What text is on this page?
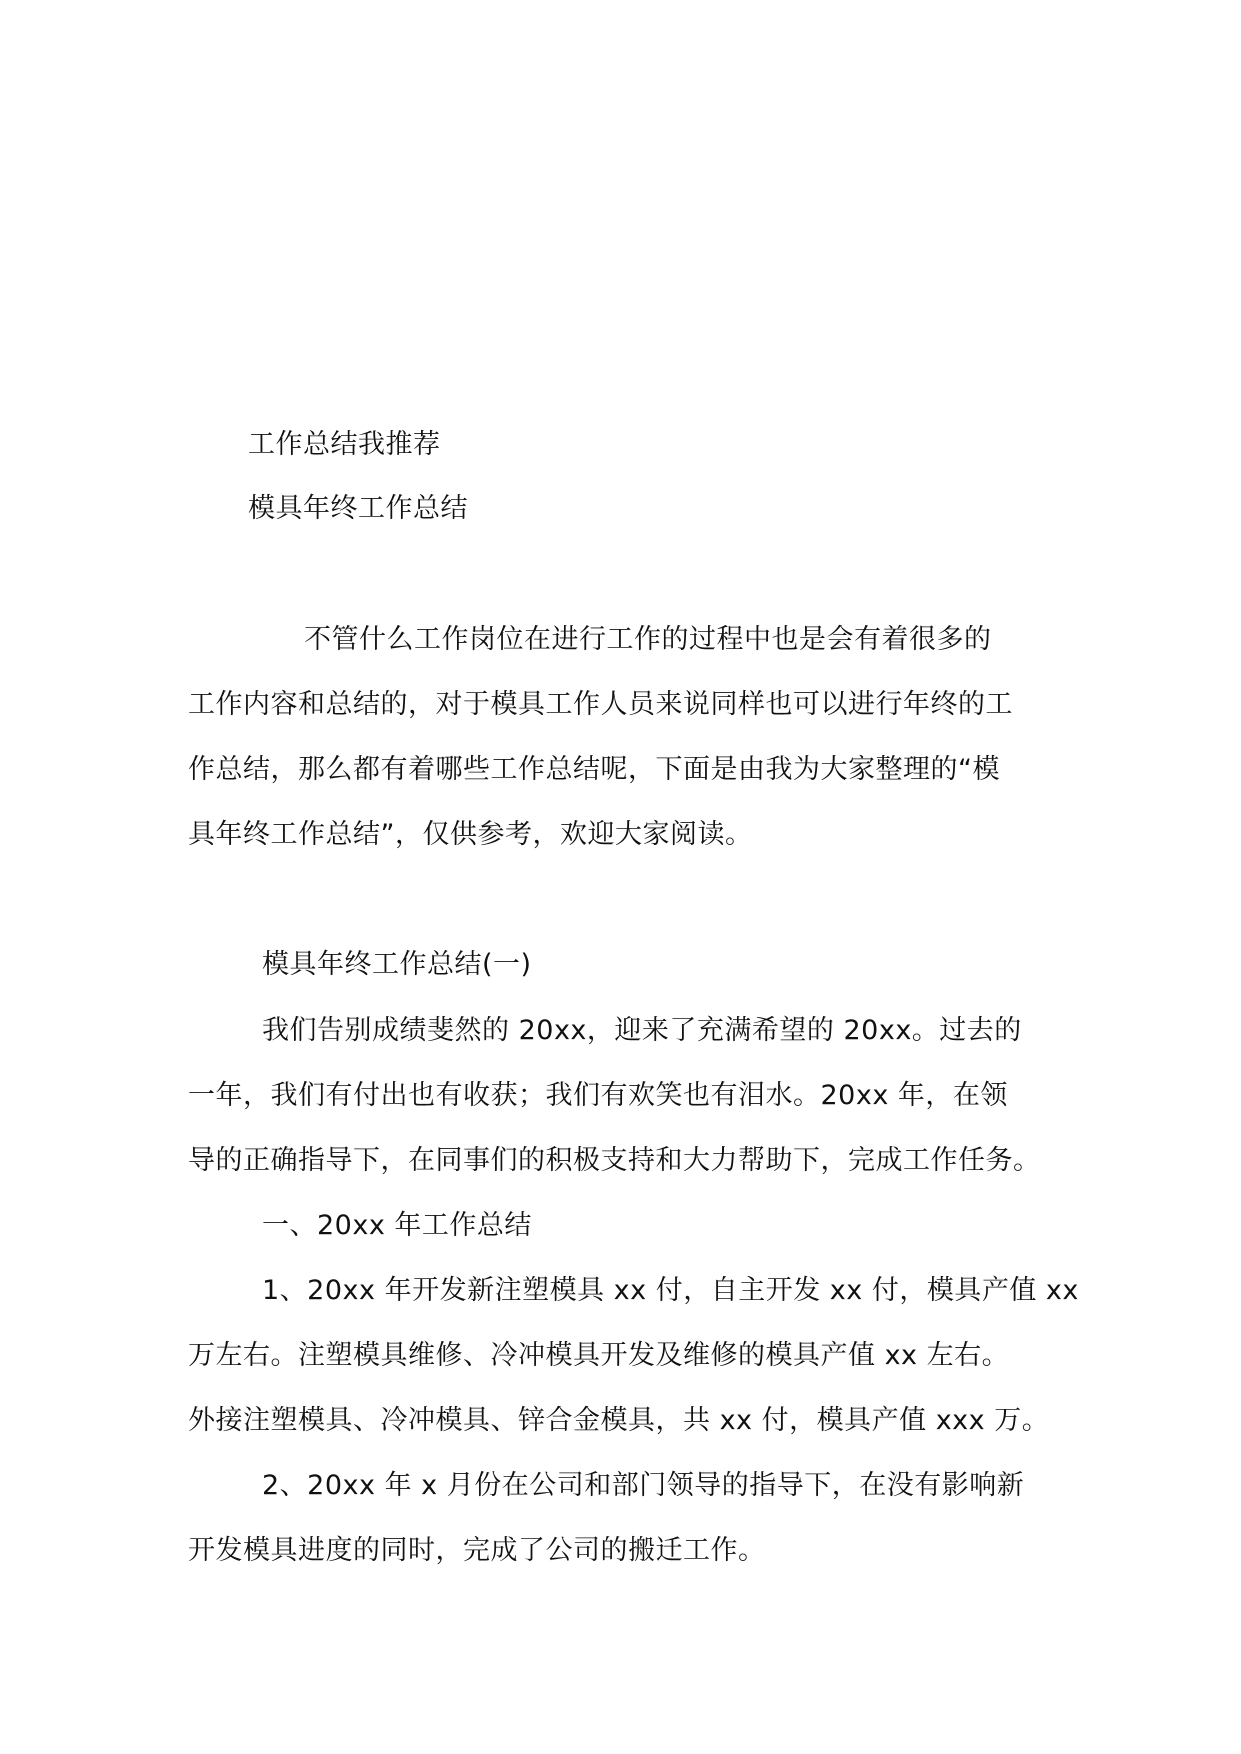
工作总结我推荐
模具年终工作总结
不管什么工作岗位在进行工作的过程中也是会有着很多的
工作内容和总结的，对于模具工作人员来说同样也可以进行年终的工
作总结，那么都有着哪些工作总结呢，下面是由我为大家整理的“模
具年终工作总结”，仅供参考，欢迎大家阅读。
模具年终工作总结(一)
我们告别成绩斐然的 20xx，迎来了充满希望的 20xx。过去的
一年，我们有付出也有收获；我们有欢笑也有泪水。20xx 年，在领
导的正确指导下，在同事们的积极支持和大力帮助下，完成工作任务。
一、20xx 年工作总结
1、20xx 年开发新注塑模具 xx 付，自主开发 xx 付，模具产值 xx
万左右。注塑模具维修、冷冲模具开发及维修的模具产值 xx 左右。
外接注塑模具、冷冲模具、锌合金模具，共 xx 付，模具产值 xxx 万。
2、20xx 年 x 月份在公司和部门领导的指导下，在没有影响新
开发模具进度的同时，完成了公司的搬迁工作。
